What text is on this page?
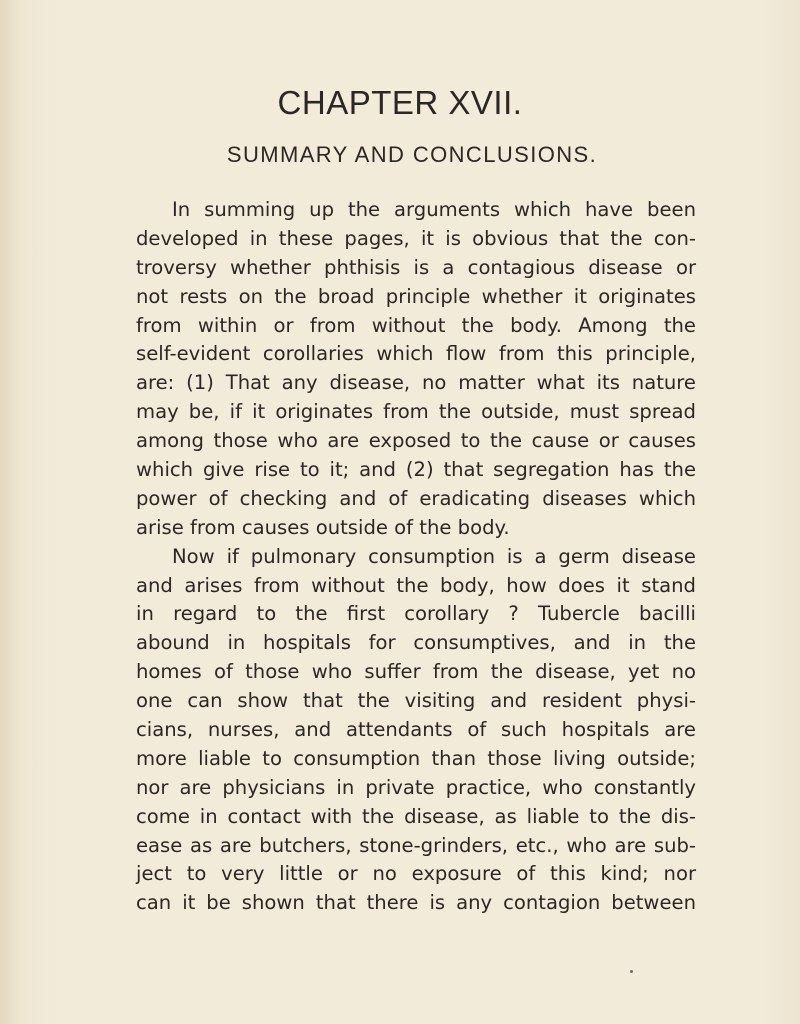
CHAPTER XVII.
SUMMARY AND CONCLUSIONS.
In summing up the arguments which have been
developed in these pages, it is obvious that the con-
troversy whether phthisis is a contagious disease or
not rests on the broad principle whether it originates
from within or from without the body. Among the
self-evident corollaries which flow from this principle,
are: (1) That any disease, no matter what its nature
may be, if it originates from the outside, must spread
among those who are exposed to the cause or causes
which give rise to it; and (2) that segregation has the
power of checking and of eradicating diseases which
arise from causes outside of the body.
Now if pulmonary consumption is a germ disease
and arises from without the body, how does it stand
in regard to the first corollary ? Tubercle bacilli
abound in hospitals for consumptives, and in the
homes of those who suffer from the disease, yet no
one can show that the visiting and resident physi-
cians, nurses, and attendants of such hospitals are
more liable to consumption than those living outside;
nor are physicians in private practice, who constantly
come in contact with the disease, as liable to the dis-
ease as are butchers, stone-grinders, etc., who are sub-
ject to very little or no exposure of this kind; nor
can it be shown that there is any contagion between
